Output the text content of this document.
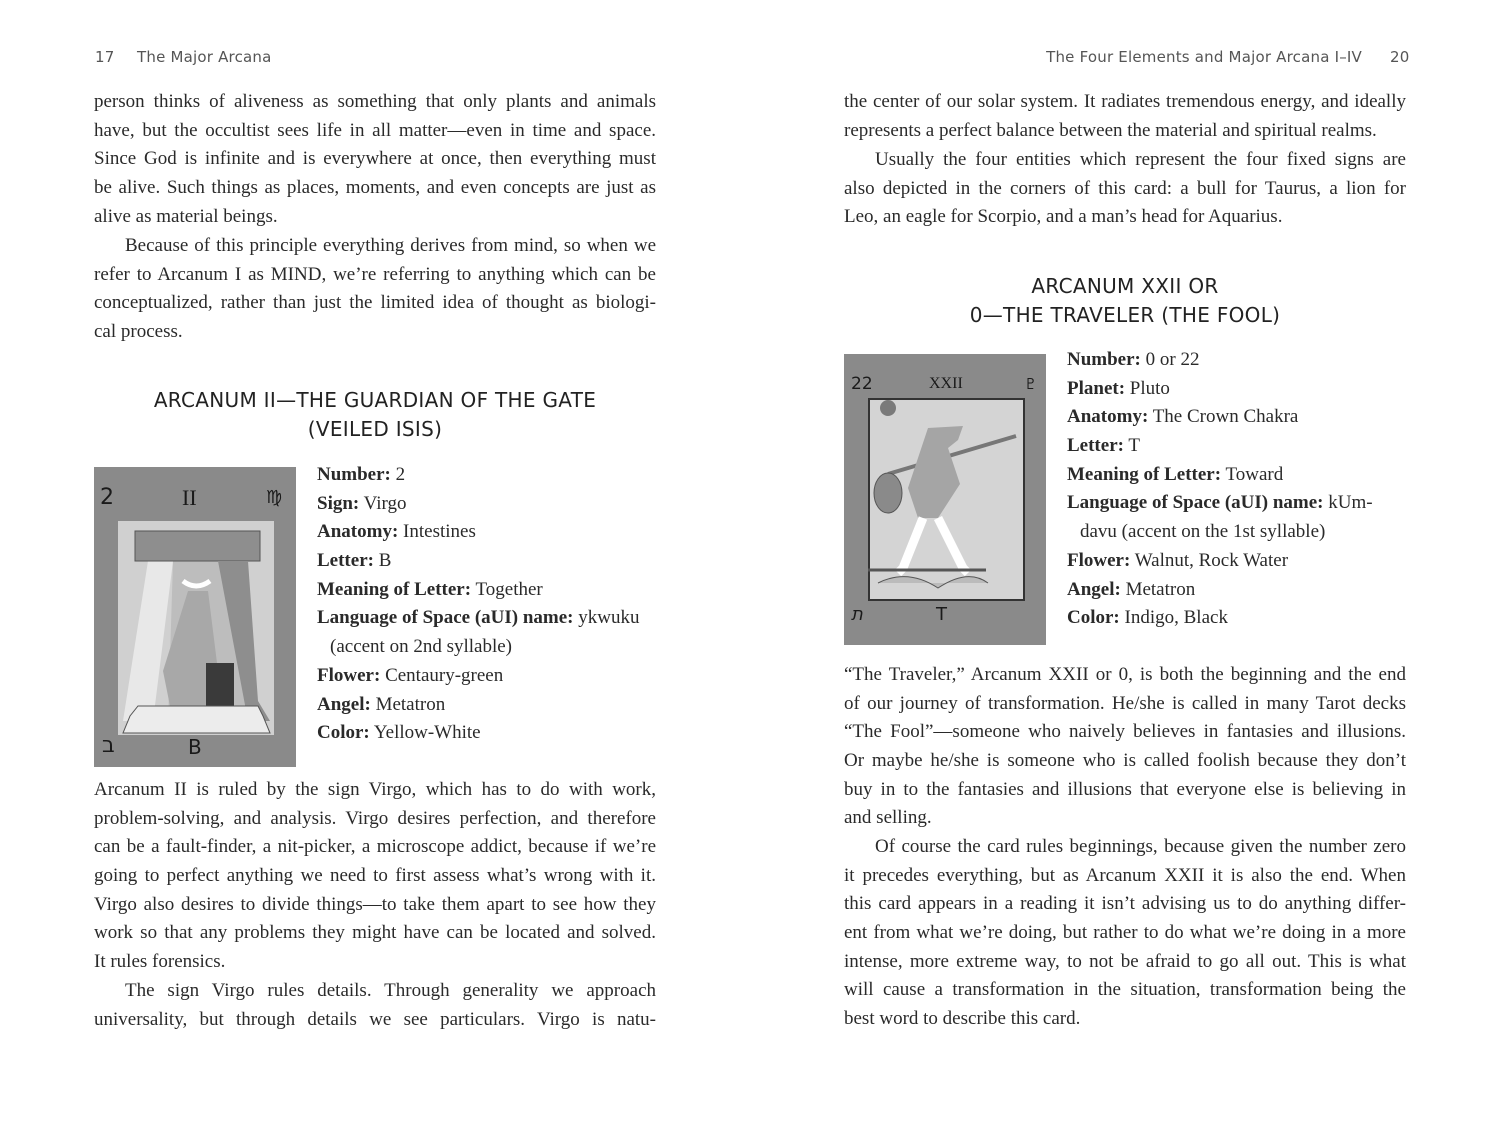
17 The Major Arcana
person thinks of aliveness as something that only plants and animals
have, but the occultist sees life in all matter—even in time and space.
Since God is infinite and is everywhere at once, then everything must
be alive. Such things as places, moments, and even concepts are just as
alive as material beings.
Because of this principle everything derives from mind, so when we
refer to Arcanum I as MIND, we’re referring to anything which can be
conceptualized, rather than just the limited idea of thought as biologi-
cal process.
ARCANUM II—THE GUARDIAN OF THE GATE
(VEILED ISIS)
2	II	♍
ב	B
Number: 2
Sign: Virgo
Anatomy: Intestines
Letter: B
Meaning of Letter: Together
Language of Space (aUI) name: ykwuku
(accent on 2nd syllable)
Flower: Centaury-green
Angel: Metatron
Color: Yellow-White
Arcanum II is ruled by the sign Virgo, which has to do with work,
problem-solving, and analysis. Virgo desires perfection, and therefore
can be a fault-finder, a nit-picker, a microscope addict, because if we’re
going to perfect anything we need to first assess what’s wrong with it.
Virgo also desires to divide things—to take them apart to see how they
work so that any problems they might have can be located and solved.
It rules forensics.
The sign Virgo rules details. Through generality we approach
universality, but through details we see particulars. Virgo is natu-
The Four Elements and Major Arcana I–IV 20
the center of our solar system. It radiates tremendous energy, and ideally
represents a perfect balance between the material and spiritual realms.
Usually the four entities which represent the four fixed signs are
also depicted in the corners of this card: a bull for Taurus, a lion for
Leo, an eagle for Scorpio, and a man’s head for Aquarius.
ARCANUM XXII OR
0—THE TRAVELER (THE FOOL)
22	XXII	♇
ת	T
Number: 0 or 22
Planet: Pluto
Anatomy: The Crown Chakra
Letter: T
Meaning of Letter: Toward
Language of Space (aUI) name: kUm-
davu (accent on the 1st syllable)
Flower: Walnut, Rock Water
Angel: Metatron
Color: Indigo, Black
“The Traveler,” Arcanum XXII or 0, is both the beginning and the end
of our journey of transformation. He/she is called in many Tarot decks
“The Fool”—someone who naively believes in fantasies and illusions.
Or maybe he/she is someone who is called foolish because they don’t
buy in to the fantasies and illusions that everyone else is believing in
and selling.
Of course the card rules beginnings, because given the number zero
it precedes everything, but as Arcanum XXII it is also the end. When
this card appears in a reading it isn’t advising us to do anything differ-
ent from what we’re doing, but rather to do what we’re doing in a more
intense, more extreme way, to not be afraid to go all out. This is what
will cause a transformation in the situation, transformation being the
best word to describe this card.
